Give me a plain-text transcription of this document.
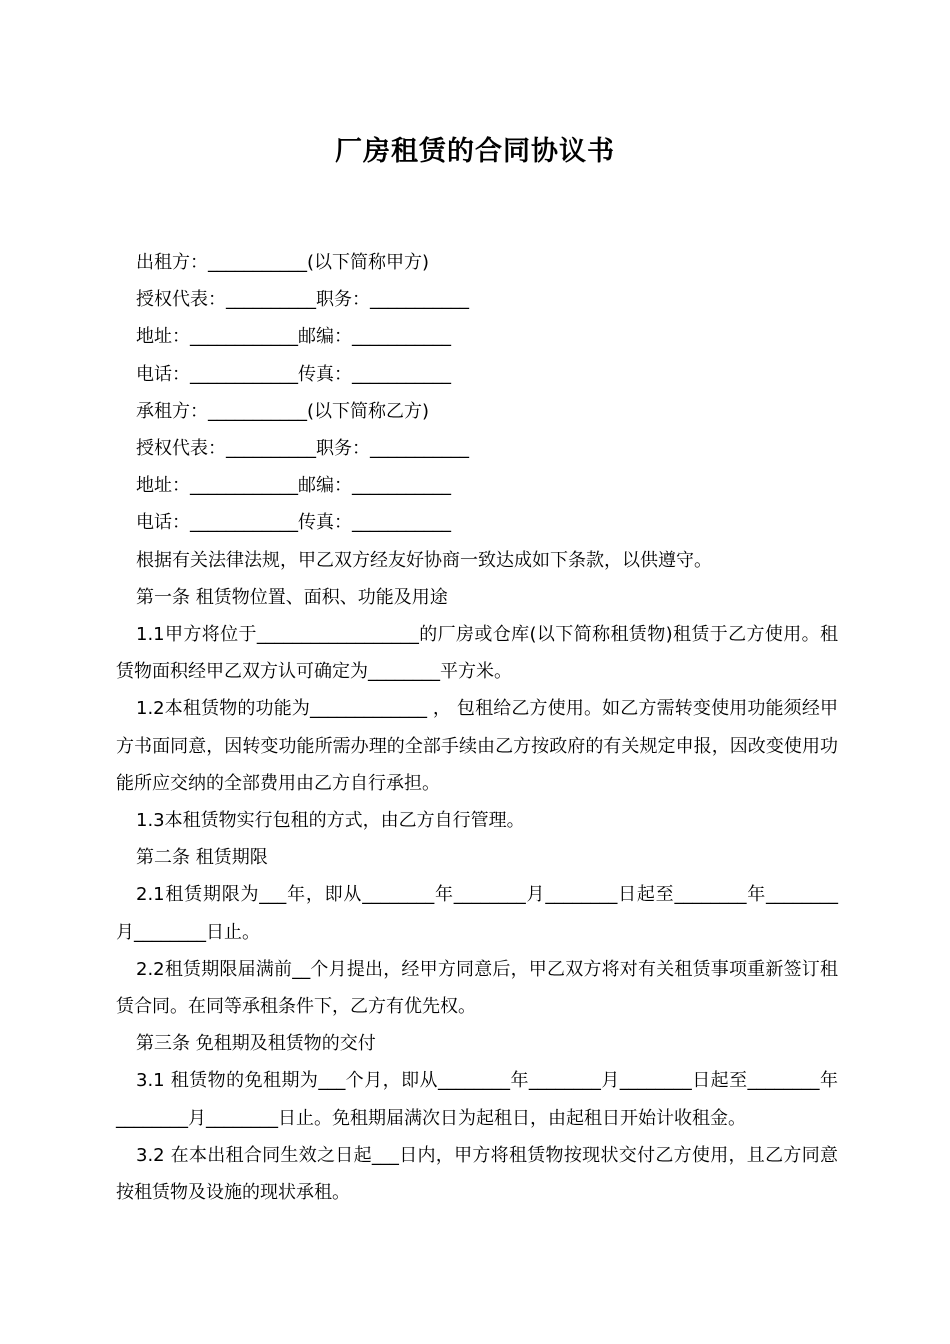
厂房租赁的合同协议书
出租方：___________(以下简称甲方)
授权代表：__________职务：___________
地址：____________邮编：___________
电话：____________传真：___________
承租方：___________(以下简称乙方)
授权代表：__________职务：___________
地址：____________邮编：___________
电话：____________传真：___________
根据有关法律法规，甲乙双方经友好协商一致达成如下条款，以供遵守。
第一条 租赁物位置、面积、功能及用途
1.1甲方将位于__________________的厂房或仓库(以下简称租赁物)租赁于乙方使用。租赁物面积经甲乙双方认可确定为________平方米。
1.2本租赁物的功能为_____________ ， 包租给乙方使用。如乙方需转变使用功能须经甲方书面同意，因转变功能所需办理的全部手续由乙方按政府的有关规定申报，因改变使用功能所应交纳的全部费用由乙方自行承担。
1.3本租赁物实行包租的方式，由乙方自行管理。
第二条 租赁期限
2.1租赁期限为___年，即从________年________月________日起至________年________月________日止。
2.2租赁期限届满前__个月提出，经甲方同意后，甲乙双方将对有关租赁事项重新签订租赁合同。在同等承租条件下，乙方有优先权。
第三条 免租期及租赁物的交付
3.1 租赁物的免租期为___个月，即从________年________月________日起至________年________月________日止。免租期届满次日为起租日，由起租日开始计收租金。
3.2 在本出租合同生效之日起___日内，甲方将租赁物按现状交付乙方使用，且乙方同意按租赁物及设施的现状承租。
